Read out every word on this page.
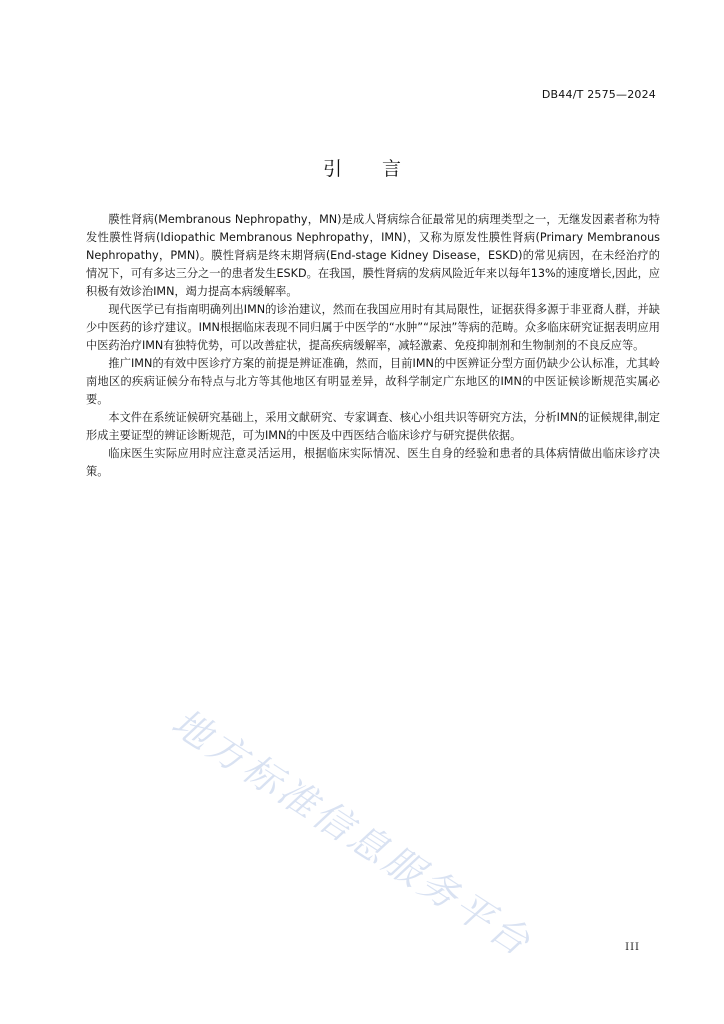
DB44/T 2575—2024
引言

膜性肾病(Membranous Nephropathy，MN)是成人肾病综合征最常见的病理类型之一，无继发因素者称为特发性膜性肾病(Idiopathic Membranous Nephropathy，IMN)，又称为原发性膜性肾病(Primary Membranous Nephropathy，PMN)。膜性肾病是终末期肾病(End-stage Kidney Disease，ESKD)的常见病因，在未经治疗的情况下，可有多达三分之一的患者发生ESKD。在我国，膜性肾病的发病风险近年来以每年13%的速度增长,因此，应积极有效诊治IMN，竭力提高本病缓解率。

现代医学已有指南明确列出IMN的诊治建议，然而在我国应用时有其局限性，证据获得多源于非亚裔人群，并缺少中医药的诊疗建议。IMN根据临床表现不同归属于中医学的“水肿”“尿浊”等病的范畴。众多临床研究证据表明应用中医药治疗IMN有独特优势，可以改善症状，提高疾病缓解率，减轻激素、免疫抑制剂和生物制剂的不良反应等。

推广IMN的有效中医诊疗方案的前提是辨证准确，然而，目前IMN的中医辨证分型方面仍缺少公认标准，尤其岭南地区的疾病证候分布特点与北方等其他地区有明显差异，故科学制定广东地区的IMN的中医证候诊断规范实属必要。

本文件在系统证候研究基础上，采用文献研究、专家调查、核心小组共识等研究方法，分析IMN的证候规律,制定形成主要证型的辨证诊断规范，可为IMN的中医及中西医结合临床诊疗与研究提供依据。

临床医生实际应用时应注意灵活运用，根据临床实际情况、医生自身的经验和患者的具体病情做出临床诊疗决策。

地方标准信息服务平台	III
